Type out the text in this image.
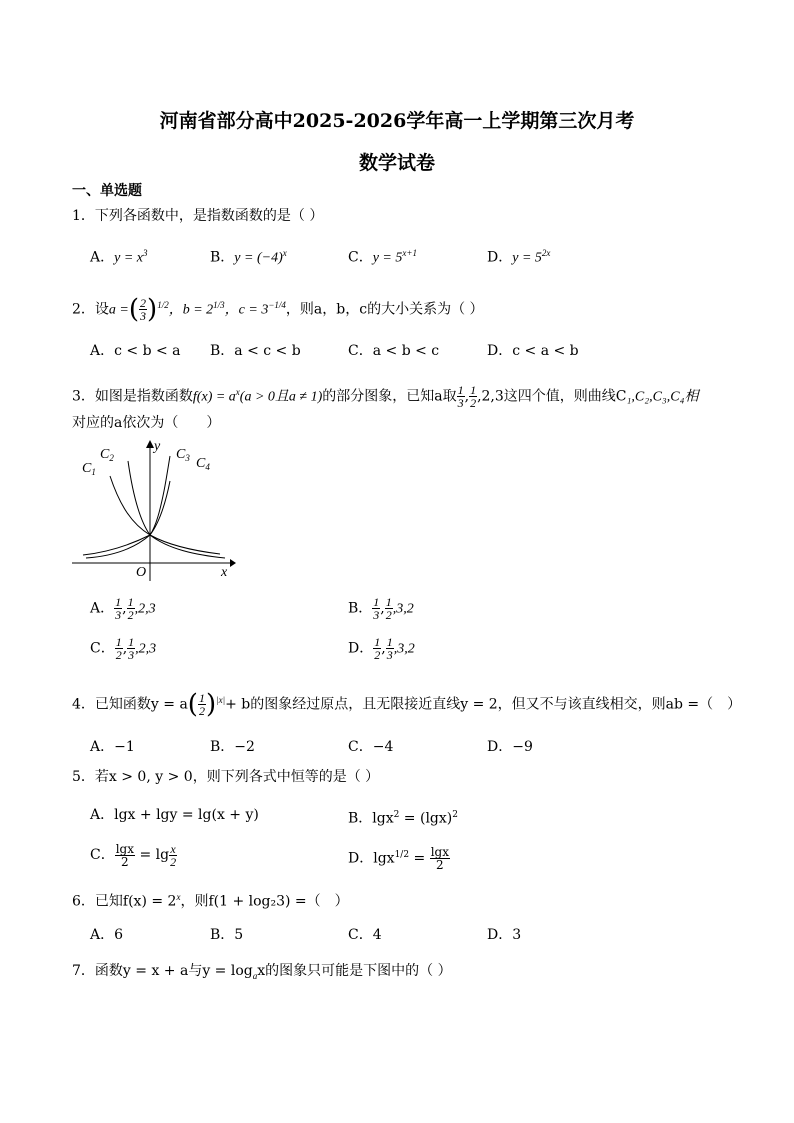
河南省部分高中2025-2026学年高一上学期第三次月考
数学试卷
一、单选题
1．下列各函数中，是指数函数的是（ ）
A．$y = x^3$	B．$y = (-4)^x$	C．$y = 5^{x+1}$	D．$y = 5^{2x}$
2．设a =( $\frac{2}{3} )^{1/2}$，$b = 2^{1/3}$，$c = 3^{-1/4}$，则a，b，c的大小关系为（ ）
A．c < b < a B．a < c < b	C．a < b < c	D．c < a < b
3．如图是指数函数$f(x) = a^x(a > 0$且a ≠ 1)的部分图象，已知a取 $\frac{1}{3}$ , $\frac{1}{2} ,2,3$这四个值，则曲线C₁,C₂,C₃,C₄相
对应的a依次为（　　）
$C_1$
$C_2$	$C_3$ $C_4$
y
x
O
A． $\frac{1}{3}$ , $\frac{1}{2} ,2,3$	B． $\frac{1}{3}$ , $\frac{1}{2} ,3,2$
C． $\frac{1}{2}$ , $\frac{1}{3} ,2,3$	D． $\frac{1}{2}$ , $\frac{1}{3} ,3,2$
4．已知函数$y = a( \frac{1}{2} )^{|x|}+ b$的图象经过原点，且无限接近直线y = 2，但又不与该直线相交，则ab =（　）
A．−1	B．−2	C．−4	D．−9
5．若x > 0, y > 0，则下列各式中恒等的是（ ）
A．lgx + lgy = lg(x + y)	B．$\lg x^2 = (\lg x)^2$
C． $\frac{\lg x}{2} = \lg \frac{x}{2}$	D．$\lg x^{1/2} = \frac{\lg x}{2}$
6．已知$f(x) = 2^x$，则f(1 + log₂3) =（　）
A．6	B．5	C．4	D．3
7．函数y = x + a与$y = \log_ax$的图象只可能是下图中的（ ）
